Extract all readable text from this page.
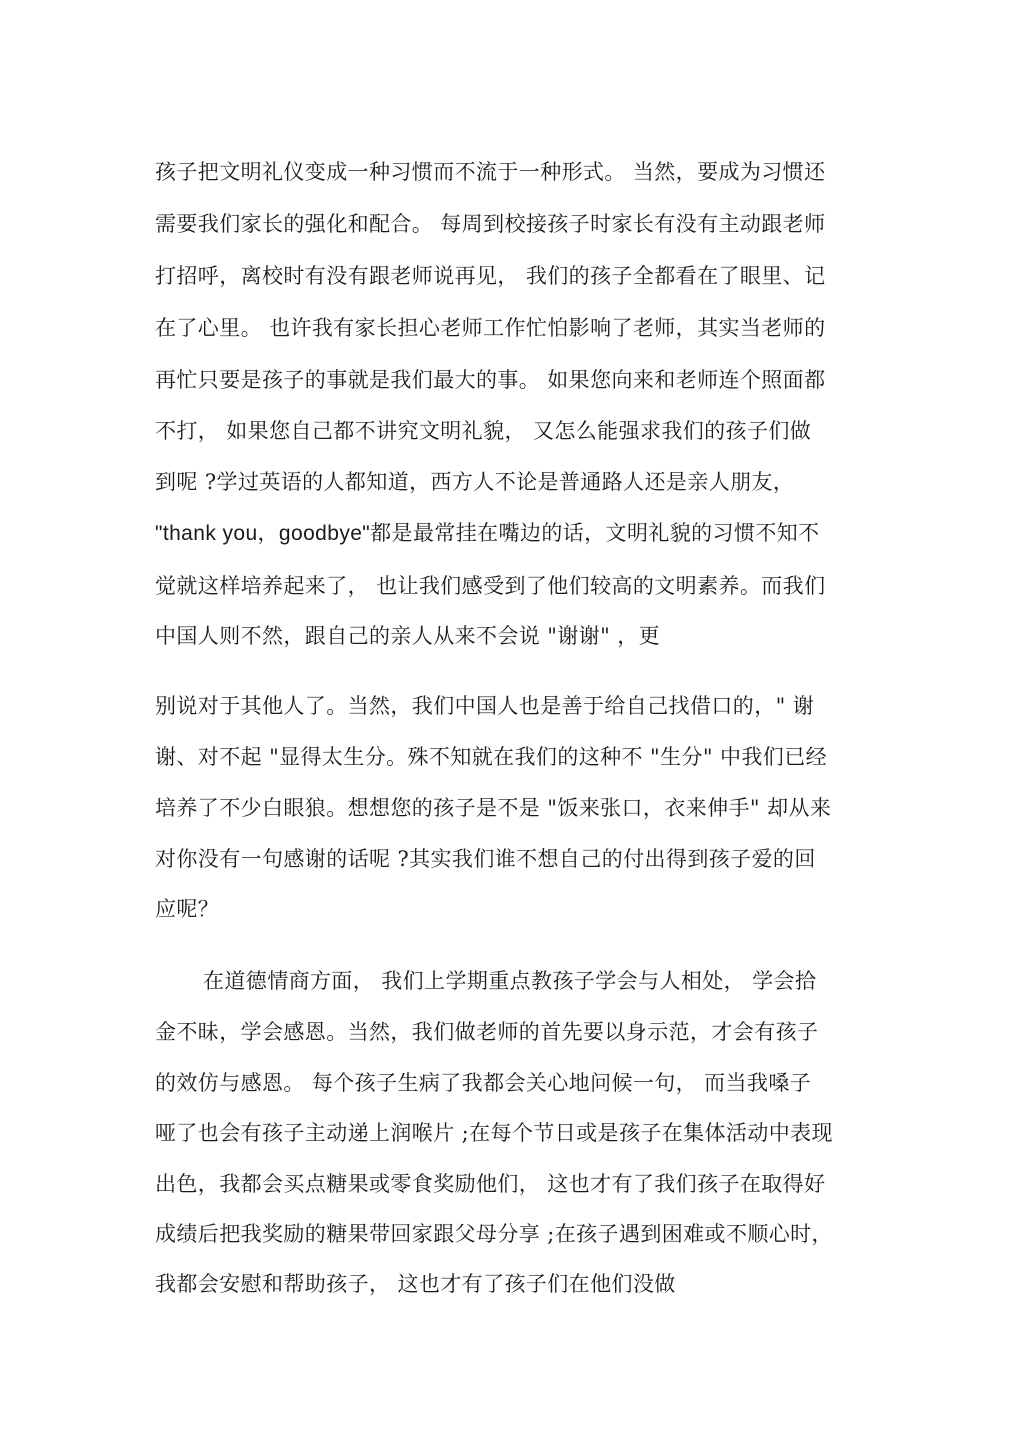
孩子把文明礼仪变成一种习惯而不流于一种形式。 当然，要成为习惯还
需要我们家长的强化和配合。 每周到校接孩子时家长有没有主动跟老师
打招呼，离校时有没有跟老师说再见， 我们的孩子全都看在了眼里、记
在了心里。 也许我有家长担心老师工作忙怕影响了老师，其实当老师的
再忙只要是孩子的事就是我们最大的事。 如果您向来和老师连个照面都
不打， 如果您自己都不讲究文明礼貌， 又怎么能强求我们的孩子们做
到呢 ?学过英语的人都知道，西方人不论是普通路人还是亲人朋友，
"thank you，goodbye"都是最常挂在嘴边的话，文明礼貌的习惯不知不
觉就这样培养起来了， 也让我们感受到了他们较高的文明素养。而我们
中国人则不然，跟自己的亲人从来不会说 "谢谢" ，更
别说对于其他人了。当然，我们中国人也是善于给自己找借口的，" 谢
谢、对不起 "显得太生分。殊不知就在我们的这种不 "生分" 中我们已经
培养了不少白眼狼。想想您的孩子是不是 "饭来张口，衣来伸手" 却从来
对你没有一句感谢的话呢 ?其实我们谁不想自己的付出得到孩子爱的回
应呢？
在道德情商方面， 我们上学期重点教孩子学会与人相处， 学会拾
金不昧，学会感恩。当然，我们做老师的首先要以身示范，才会有孩子
的效仿与感恩。 每个孩子生病了我都会关心地问候一句， 而当我嗓子
哑了也会有孩子主动递上润喉片 ;在每个节日或是孩子在集体活动中表现
出色，我都会买点糖果或零食奖励他们， 这也才有了我们孩子在取得好
成绩后把我奖励的糖果带回家跟父母分享 ;在孩子遇到困难或不顺心时，
我都会安慰和帮助孩子， 这也才有了孩子们在他们没做
